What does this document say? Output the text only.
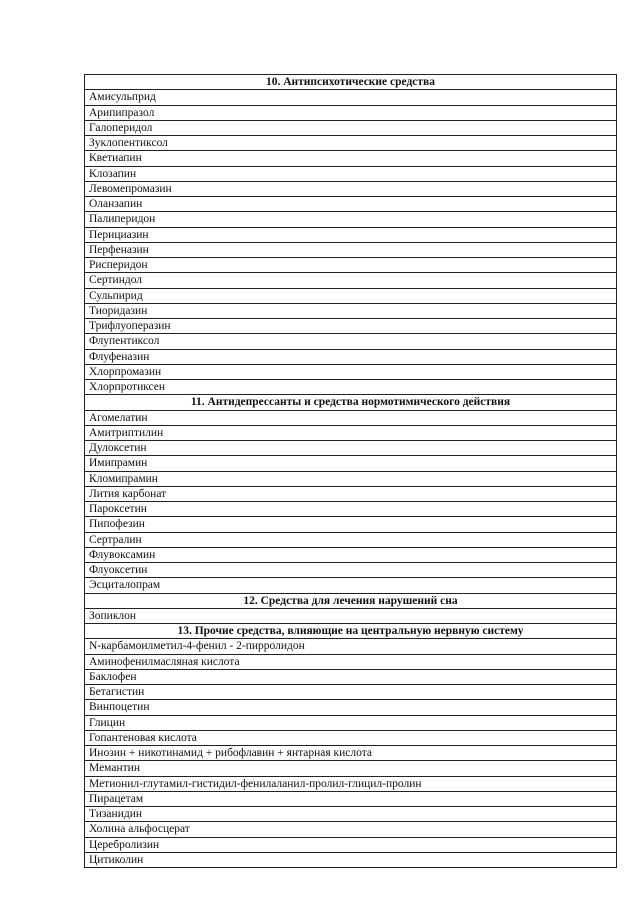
10. Антипсихотические средства
Амисульприд
Арипипразол
Галоперидол
Зуклопентиксол
Кветиапин
Клозапин
Левомепромазин
Оланзапин
Палиперидон
Перициазин
Перфеназин
Рисперидон
Сертиндол
Сульпирид
Тиоридазин
Трифлуоперазин
Флупентиксол
Флуфеназин
Хлорпромазин
Хлорпротиксен
11. Антидепрессанты и средства нормотимического действия
Агомелатин
Амитриптилин
Дулоксетин
Имипрамин
Кломипрамин
Лития карбонат
Пароксетин
Пипофезин
Сертралин
Флувоксамин
Флуоксетин
Эсциталопрам
12. Средства для лечения нарушений сна
Зопиклон
13. Прочие средства, влияющие на центральную нервную систему
N-карбамоилметил-4-фенил - 2-пирролидон
Аминофенилмасляная кислота
Баклофен
Бетагистин
Винпоцетин
Глицин
Гопантеновая кислота
Инозин + никотинамид + рибофлавин + янтарная кислота
Мемантин
Метионил-глутамил-гистидил-фенилаланил-пролил-глицил-пролин
Пирацетам
Тизанидин
Холина альфосцерат
Церебролизин
Цитиколин
